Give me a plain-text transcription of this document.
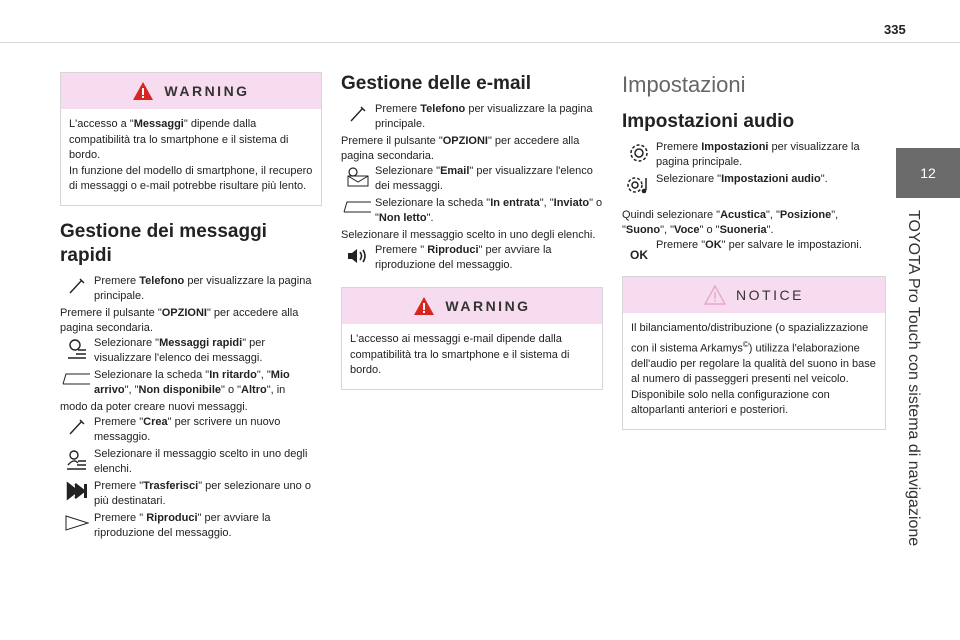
335
12
TOYOTA Pro Touch con sistema di navigazione
WARNING
L'accesso a "Messaggi" dipende dalla compatibilità tra lo smartphone e il sistema di bordo.
In funzione del modello di smartphone, il recupero di messaggi o e-mail potrebbe risultare più lento.
Gestione dei messaggi rapidi
Premere Telefono per visualizzare la pagina principale.

Premere il pulsante "OPZIONI" per accedere alla pagina secondaria.

Selezionare "Messaggi rapidi" per visualizzare l'elenco dei messaggi.
Selezionare la scheda "In ritardo", "Mio arrivo", "Non disponibile" o "Altro", in

modo da poter creare nuovi messaggi.

Premere "Crea" per scrivere un nuovo messaggio.
Selezionare il messaggio scelto in uno degli elenchi.
Premere "Trasferisci" per selezionare uno o più destinatari.
Premere " Riproduci" per avviare la riproduzione del messaggio.
Gestione delle e-mail
Premere Telefono per visualizzare la pagina principale.

Premere il pulsante "OPZIONI" per accedere alla pagina secondaria.

Selezionare "Email" per visualizzare l'elenco dei messaggi.
Selezionare la scheda "In entrata", "Inviato" o "Non letto".

Selezionare il messaggio scelto in uno degli elenchi.

Premere " Riproduci" per avviare la riproduzione del messaggio.
WARNING
L'accesso ai messaggi e-mail dipende dalla compatibilità tra lo smartphone e il sistema di bordo.
Impostazioni
Impostazioni audio
Premere Impostazioni per visualizzare la pagina principale.
Selezionare "Impostazioni audio".

Quindi selezionare "Acustica", "Posizione", "Suono", "Voce" o "Suoneria".

OK
Premere "OK" per salvare le impostazioni.
NOTICE
Il bilanciamento/distribuzione (o spazializzazione con il sistema Arkamys©) utilizza l'elaborazione dell'audio per regolare la qualità del suono in base al numero di passeggeri presenti nel veicolo.
Disponibile solo nella configurazione con altoparlanti anteriori e posteriori.
